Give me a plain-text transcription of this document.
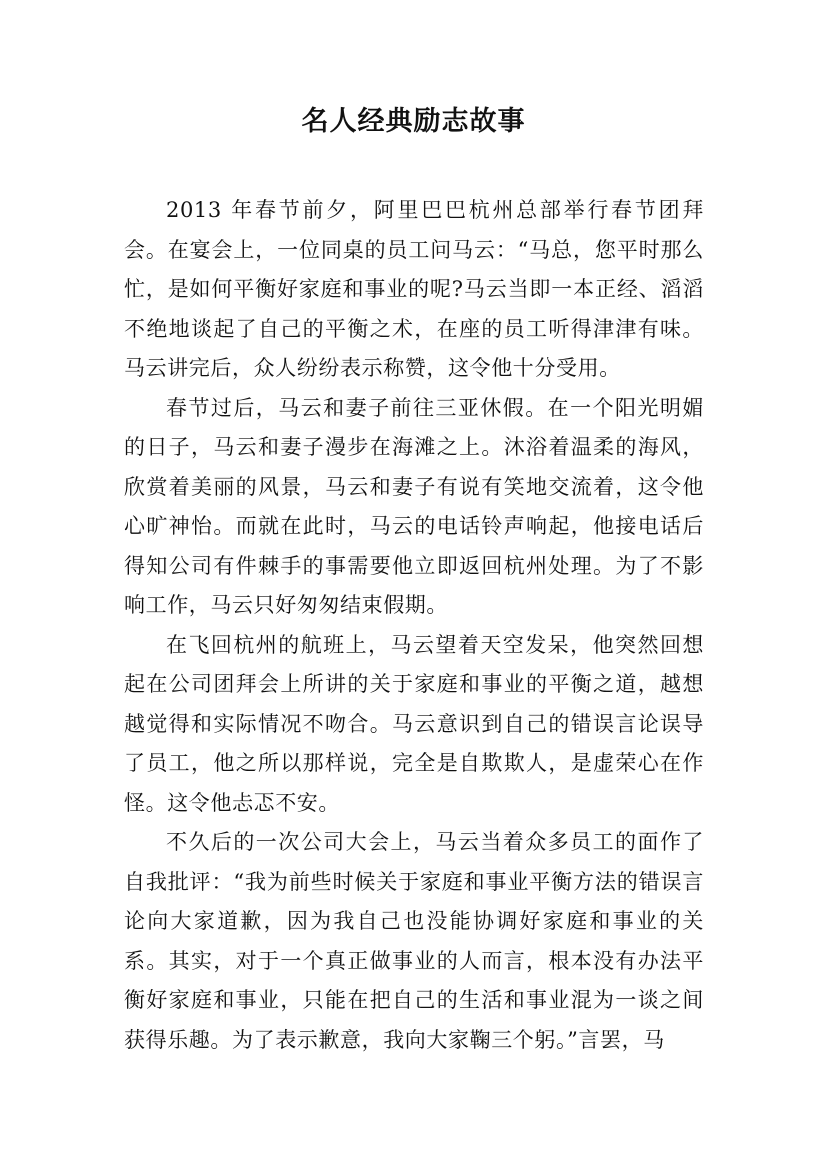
名人经典励志故事

2013 年春节前夕，阿里巴巴杭州总部举行春节团拜会。在宴会上，一位同桌的员工问马云：“马总，您平时那么忙，是如何平衡好家庭和事业的呢?马云当即一本正经、滔滔不绝地谈起了自己的平衡之术，在座的员工听得津津有味。马云讲完后，众人纷纷表示称赞，这令他十分受用。

春节过后，马云和妻子前往三亚休假。在一个阳光明媚的日子，马云和妻子漫步在海滩之上。沐浴着温柔的海风，欣赏着美丽的风景，马云和妻子有说有笑地交流着，这令他心旷神怡。而就在此时，马云的电话铃声响起，他接电话后得知公司有件棘手的事需要他立即返回杭州处理。为了不影响工作，马云只好匆匆结束假期。

在飞回杭州的航班上，马云望着天空发呆，他突然回想起在公司团拜会上所讲的关于家庭和事业的平衡之道，越想越觉得和实际情况不吻合。马云意识到自己的错误言论误导了员工，他之所以那样说，完全是自欺欺人，是虚荣心在作怪。这令他忐忑不安。

不久后的一次公司大会上，马云当着众多员工的面作了自我批评：“我为前些时候关于家庭和事业平衡方法的错误言论向大家道歉，因为我自己也没能协调好家庭和事业的关系。其实，对于一个真正做事业的人而言，根本没有办法平衡好家庭和事业，只能在把自己的生活和事业混为一谈之间获得乐趣。为了表示歉意，我向大家鞠三个躬。”言罢，马
